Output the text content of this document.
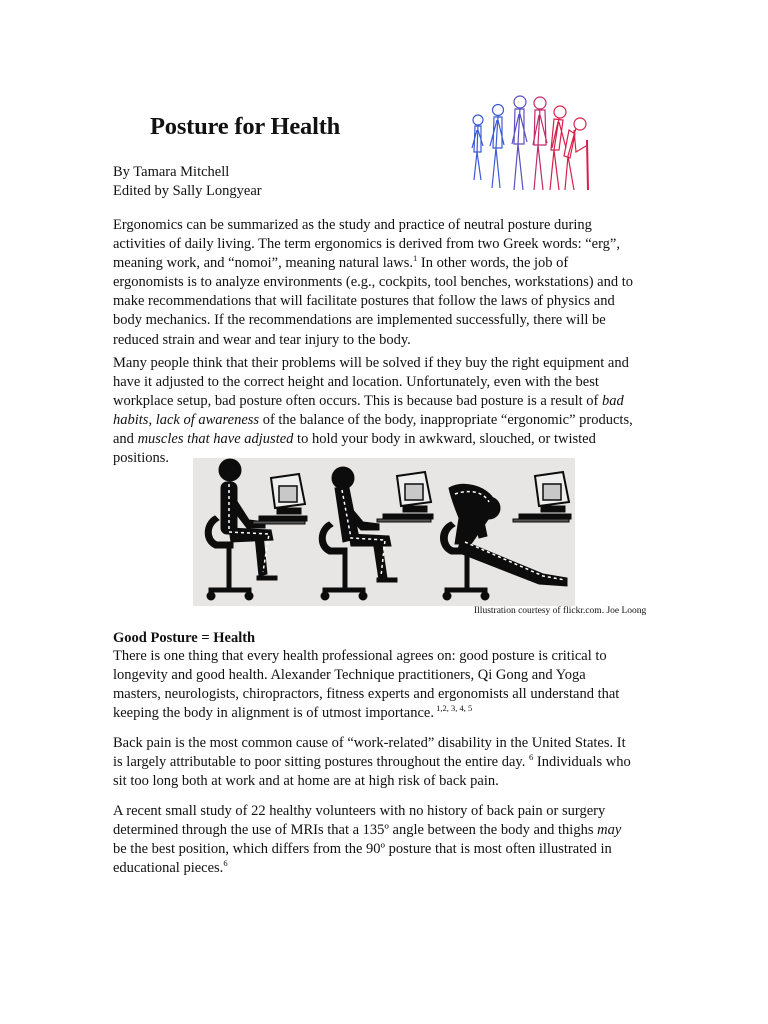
Posture for Health
By Tamara Mitchell
Edited by Sally Longyear
Ergonomics can be summarized as the study and practice of neutral posture during
activities of daily living. The term ergonomics is derived from two Greek words: “erg”,
meaning work, and “nomoi”, meaning natural laws.$^1$ In other words, the job of
ergonomists is to analyze environments (e.g., cockpits, tool benches, workstations) and to
make recommendations that will facilitate postures that follow the laws of physics and
body mechanics. If the recommendations are implemented successfully, there will be
reduced strain and wear and tear injury to the body.
Many people think that their problems will be solved if they buy the right equipment and
have it adjusted to the correct height and location. Unfortunately, even with the best
workplace setup, bad posture often occurs. This is because bad posture is a result of bad
habits, lack of awareness of the balance of the body, inappropriate “ergonomic” products,
and muscles that have adjusted to hold your body in awkward, slouched, or twisted
positions.
Illustration courtesy of flickr.com. Joe Loong
Good Posture = Health
There is one thing that every health professional agrees on: good posture is critical to
longevity and good health. Alexander Technique practitioners, Qi Gong and Yoga
masters, neurologists, chiropractors, fitness experts and ergonomists all understand that
keeping the body in alignment is of utmost importance. $^{1,2, 3, 4, 5}$
Back pain is the most common cause of “work-related” disability in the United States. It
is largely attributable to poor sitting postures throughout the entire day. $^6$ Individuals who
sit too long both at work and at home are at high risk of back pain.
A recent small study of 22 healthy volunteers with no history of back pain or surgery
determined through the use of MRIs that a 135º angle between the body and thighs may
be the best position, which differs from the 90º posture that is most often illustrated in
educational pieces.$^6$
